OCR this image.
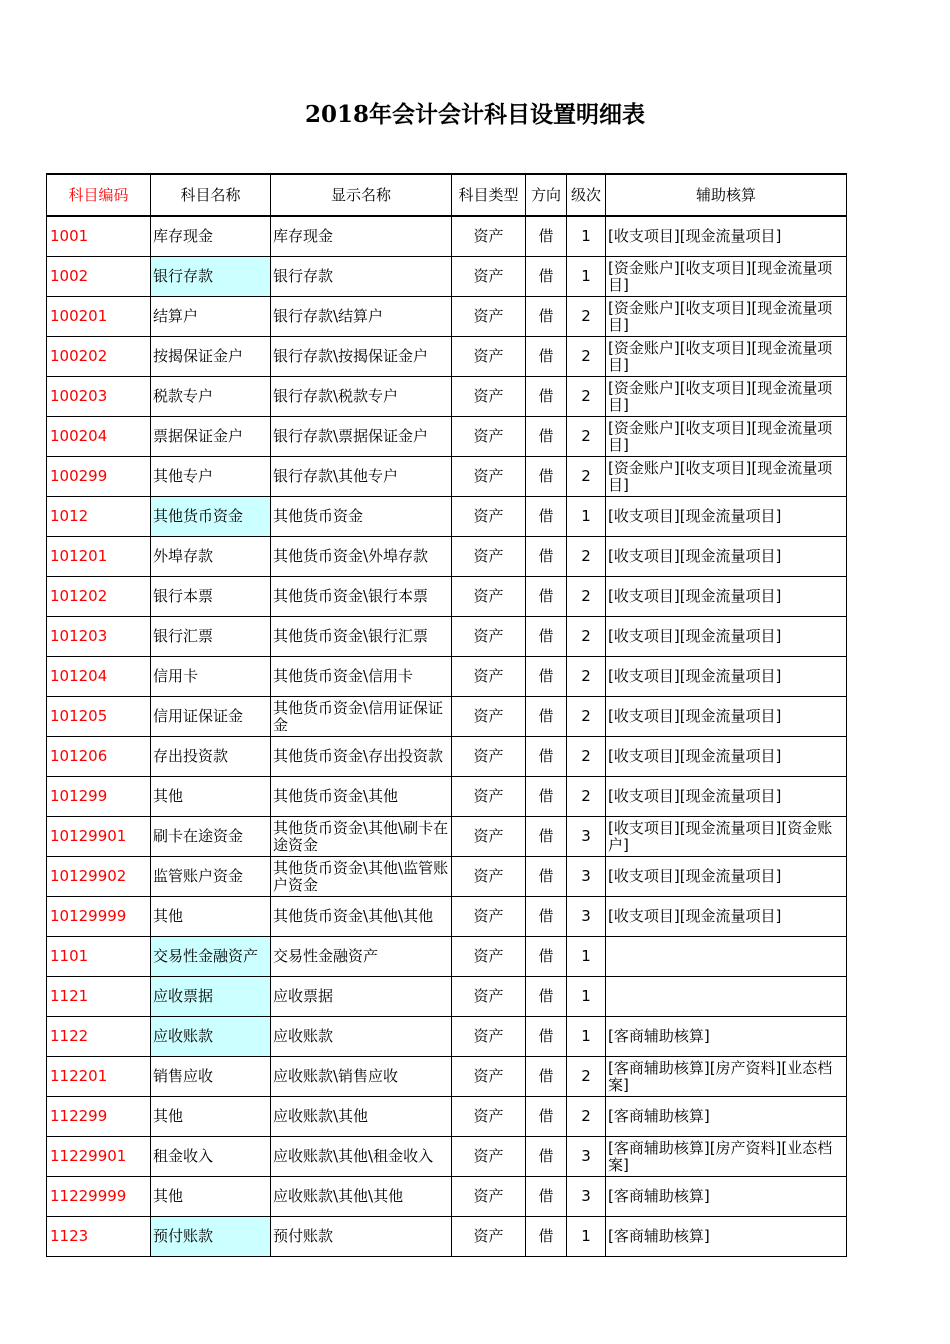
2018年会计会计科目设置明细表
科目编码	科目名称	显示名称	科目类型	方向	级次	辅助核算
1001	库存现金	库存现金	资产	借	1	[收支项目][现金流量项目]
1002	银行存款	银行存款	资产	借	1	[资金账户][收支项目][现金流量项目]
100201	结算户	银行存款\结算户	资产	借	2	[资金账户][收支项目][现金流量项目]
100202	按揭保证金户	银行存款\按揭保证金户	资产	借	2	[资金账户][收支项目][现金流量项目]
100203	税款专户	银行存款\税款专户	资产	借	2	[资金账户][收支项目][现金流量项目]
100204	票据保证金户	银行存款\票据保证金户	资产	借	2	[资金账户][收支项目][现金流量项目]
100299	其他专户	银行存款\其他专户	资产	借	2	[资金账户][收支项目][现金流量项目]
1012	其他货币资金	其他货币资金	资产	借	1	[收支项目][现金流量项目]
101201	外埠存款	其他货币资金\外埠存款	资产	借	2	[收支项目][现金流量项目]
101202	银行本票	其他货币资金\银行本票	资产	借	2	[收支项目][现金流量项目]
101203	银行汇票	其他货币资金\银行汇票	资产	借	2	[收支项目][现金流量项目]
101204	信用卡	其他货币资金\信用卡	资产	借	2	[收支项目][现金流量项目]
101205	信用证保证金	其他货币资金\信用证保证金	资产	借	2	[收支项目][现金流量项目]
101206	存出投资款	其他货币资金\存出投资款	资产	借	2	[收支项目][现金流量项目]
101299	其他	其他货币资金\其他	资产	借	2	[收支项目][现金流量项目]
10129901	刷卡在途资金	其他货币资金\其他\刷卡在途资金	资产	借	3	[收支项目][现金流量项目][资金账户]
10129902	监管账户资金	其他货币资金\其他\监管账户资金	资产	借	3	[收支项目][现金流量项目]
10129999	其他	其他货币资金\其他\其他	资产	借	3	[收支项目][现金流量项目]
1101	交易性金融资产	交易性金融资产	资产	借	1	
1121	应收票据	应收票据	资产	借	1	
1122	应收账款	应收账款	资产	借	1	[客商辅助核算]
112201	销售应收	应收账款\销售应收	资产	借	2	[客商辅助核算][房产资料][业态档案]
112299	其他	应收账款\其他	资产	借	2	[客商辅助核算]
11229901	租金收入	应收账款\其他\租金收入	资产	借	3	[客商辅助核算][房产资料][业态档案]
11229999	其他	应收账款\其他\其他	资产	借	3	[客商辅助核算]
1123	预付账款	预付账款	资产	借	1	[客商辅助核算]
